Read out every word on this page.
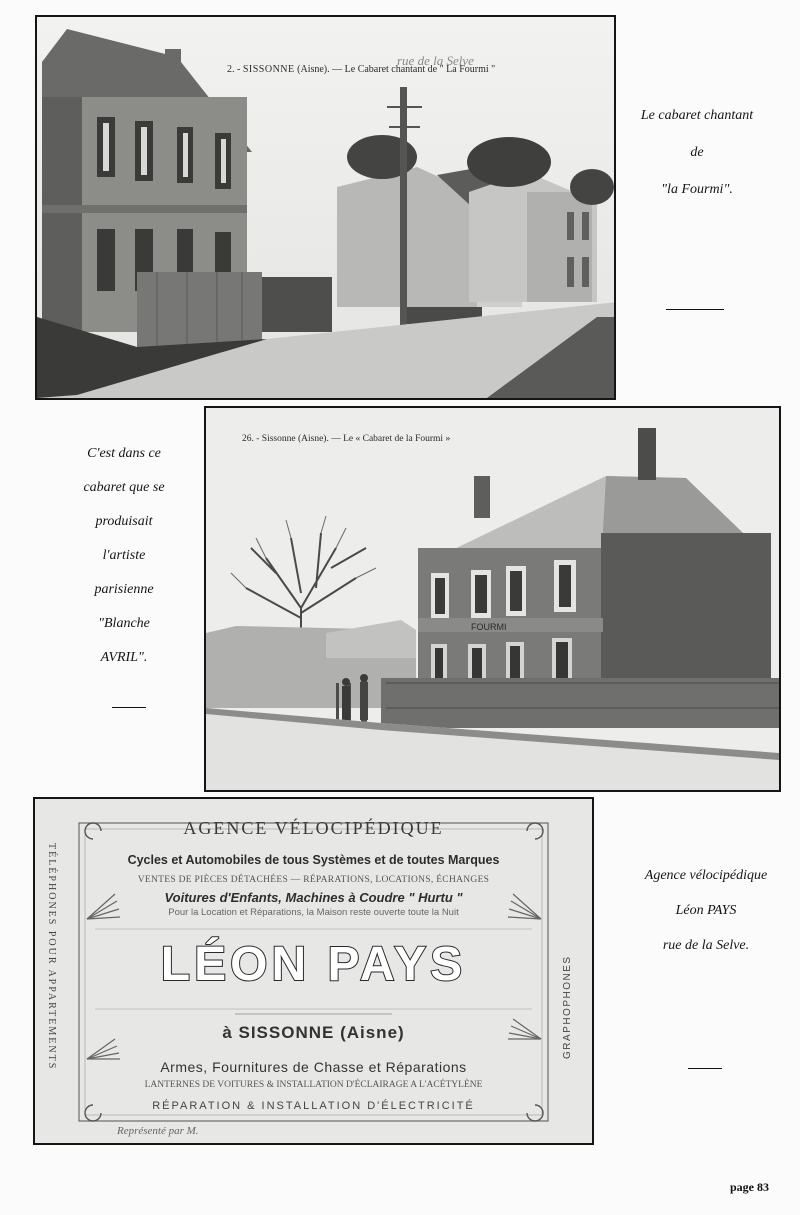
rue de la Selve
2. - SISSONNE (Aisne). — Le Cabaret chantant de " La Fourmi "

Le cabaret chantant

de

"la Fourmi".

FOURMI
26. - Sissonne (Aisne). — Le « Cabaret de la Fourmi »

C'est dans ce

cabaret que se

produisait

l'artiste

parisienne

"Blanche

AVRIL".

AGENCE VÉLOCIPÉDIQUE
Cycles et Automobiles de tous Systèmes et de toutes Marques
VENTES DE PIÈCES DÉTACHÉES — RÉPARATIONS, LOCATIONS, ÉCHANGES
Voitures d'Enfants, Machines à Coudre " Hurtu "
Pour la Location et Réparations, la Maison reste ouverte toute la Nuit
LÉON PAYS
à SISSONNE (Aisne)
Armes, Fournitures de Chasse et Réparations
LANTERNES DE VOITURES & INSTALLATION D'ÉCLAIRAGE A L'ACÉTYLÈNE
RÉPARATION & INSTALLATION D'ÉLECTRICITÉ
Représenté par M.
TÉLÉPHONES POUR APPARTEMENTS	GRAPHOPHONES

Agence vélocipédique

Léon PAYS

rue de la Selve.

page 83
